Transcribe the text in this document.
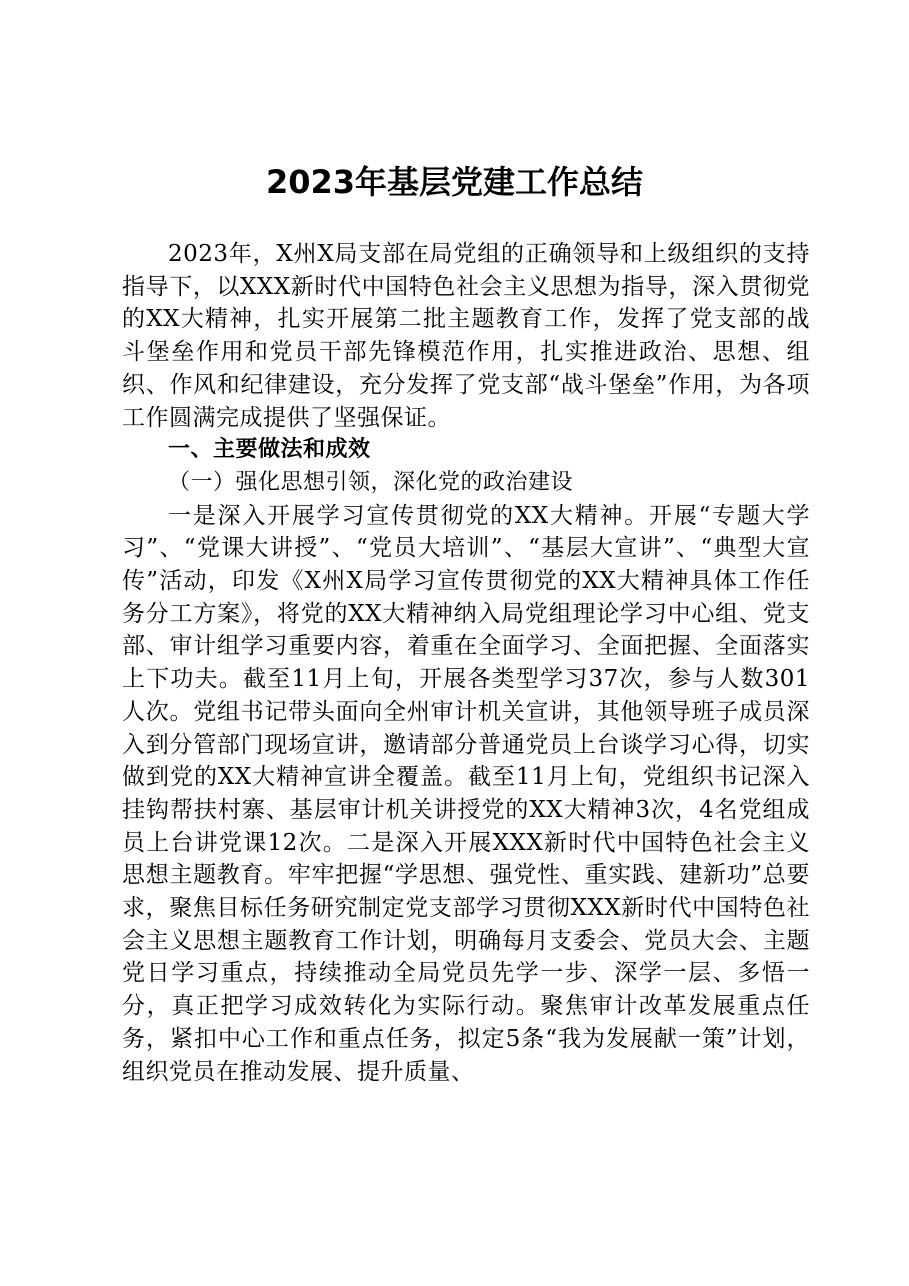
2023年基层党建工作总结

2023年，X州X局支部在局党组的正确领导和上级组织的支持指导下，以XXX新时代中国特色社会主义思想为指导，深入贯彻党的XX大精神，扎实开展第二批主题教育工作，发挥了党支部的战斗堡垒作用和党员干部先锋模范作用，扎实推进政治、思想、组织、作风和纪律建设，充分发挥了党支部“战斗堡垒”作用，为各项工作圆满完成提供了坚强保证。

一、主要做法和成效

（一）强化思想引领，深化党的政治建设

一是深入开展学习宣传贯彻党的XX大精神。开展“专题大学习”、“党课大讲授”、“党员大培训”、“基层大宣讲”、“典型大宣传”活动，印发《X州X局学习宣传贯彻党的XX大精神具体工作任务分工方案》，将党的XX大精神纳入局党组理论学习中心组、党支部、审计组学习重要内容，着重在全面学习、全面把握、全面落实上下功夫。截至11月上旬，开展各类型学习37次，参与人数301人次。党组书记带头面向全州审计机关宣讲，其他领导班子成员深入到分管部门现场宣讲，邀请部分普通党员上台谈学习心得，切实做到党的XX大精神宣讲全覆盖。截至11月上旬，党组织书记深入挂钩帮扶村寨、基层审计机关讲授党的XX大精神3次，4名党组成员上台讲党课12次。二是深入开展XXX新时代中国特色社会主义思想主题教育。牢牢把握“学思想、强党性、重实践、建新功”总要求，聚焦目标任务研究制定党支部学习贯彻XXX新时代中国特色社会主义思想主题教育工作计划，明确每月支委会、党员大会、主题党日学习重点，持续推动全局党员先学一步、深学一层、多悟一分，真正把学习成效转化为实际行动。聚焦审计改革发展重点任务，紧扣中心工作和重点任务，拟定5条“我为发展献一策”计划，组织党员在推动发展、提升质量、
